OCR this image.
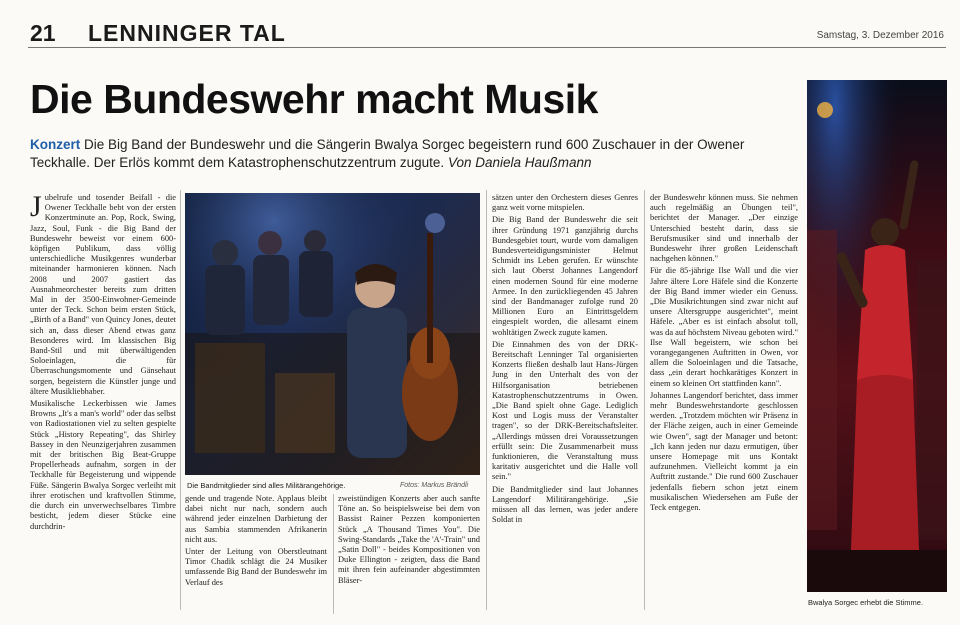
21 LENNINGER TAL	Samstag, 3. Dezember 2016
Die Bundeswehr macht Musik
Konzert Die Big Band der Bundeswehr und die Sängerin Bwalya Sorgec begeistern rund 600 Zuschauer in der Owener Teckhalle. Der Erlös kommt dem Katastrophenschutzzentrum zugute. Von Daniela Haußmann

Jubelrufe und tosender Beifall - die Owener Teckhalle bebt von der ersten Konzertminute an. Pop, Rock, Swing, Jazz, Soul, Funk - die Big Band der Bundeswehr beweist vor einem 600-köpfigen Publikum, dass völlig unterschiedliche Musikgenres wunderbar miteinander harmonieren können. Nach 2008 und 2007 gastiert das Ausnahmeorchester bereits zum dritten Mal in der 3500-Einwohner-Gemeinde unter der Teck. Schon beim ersten Stück, „Birth of a Band" von Quincy Jones, deutet sich an, dass dieser Abend etwas ganz Besonderes wird. Im klassischen Big Band-Stil und mit überwältigenden Soloeinlagen, die für Überraschungsmomente und Gänsehaut sorgen, begeistern die Künstler junge und ältere Musikliebhaber.

Musikalische Leckerbissen wie James Browns „It's a man's world" oder das selbst von Radiostationen viel zu selten gespielte Stück „History Repeating", das Shirley Bassey in den Neunzigerjahren zusammen mit der britischen Big Beat-Gruppe Propellerheads aufnahm, sorgen in der Teckhalle für Begeisterung und wippende Füße. Sängerin Bwalya Sorgec verleiht mit ihrer erotischen und kraftvollen Stimme, die durch ein unverwechselbares Timbre besticht, jedem dieser Stücke eine durchdrin-

Die Bandmitglieder sind alles Militärangehörige.	Fotos: Markus Brändli

gende und tragende Note. Applaus bleibt dabei nicht nur nach, sondern auch während jeder einzelnen Darbietung der aus Sambia stammenden Afrikanerin nicht aus.

Unter der Leitung von Oberstleutnant Timor Chadik schlägt die 24 Musiker umfassende Big Band der Bundeswehr im Verlauf des

zweistündigen Konzerts aber auch sanfte Töne an. So beispielsweise bei dem von Bassist Rainer Pezzen komponierten Stück „A Thousand Times You". Die Swing-Standards „Take the 'A'-Train" und „Satin Doll" - beides Kompositionen von Duke Ellington - zeigten, dass die Band mit ihren fein aufeinander abgestimmten Bläser-

sätzen unter den Orchestern dieses Genres ganz weit vorne mitspielen.

Die Big Band der Bundeswehr die seit ihrer Gründung 1971 ganzjährig durchs Bundesgebiet tourt, wurde vom damaligen Bundesverteidigungsminister Helmut Schmidt ins Leben gerufen. Er wünschte sich laut Oberst Johannes Langendorf einen modernen Sound für eine moderne Armee. In den zurückliegenden 45 Jahren sind der Bandmanager zufolge rund 20 Millionen Euro an Eintrittsgeldern eingespielt worden, die allesamt einem wohltätigen Zweck zugute kamen.

Die Einnahmen des von der DRK-Bereitschaft Lenninger Tal organisierten Konzerts fließen deshalb laut Hans-Jürgen Jung in den Unterhalt des von der Hilfsorganisation betriebenen Katastrophenschutzzentrums in Owen. „Die Band spielt ohne Gage. Lediglich Kost und Logis muss der Veranstalter tragen", so der DRK-Bereitschaftsleiter. „Allerdings müssen drei Voraussetzungen erfüllt sein: Die Zusammenarbeit muss funktionieren, die Veranstaltung muss karitativ ausgerichtet und die Halle voll sein."

Die Bandmitglieder sind laut Johannes Langendorf Militärangehörige. „Sie müssen all das lernen, was jeder andere Soldat in

der Bundeswehr können muss. Sie nehmen auch regelmäßig an Übungen teil", berichtet der Manager. „Der einzige Unterschied besteht darin, dass sie Berufsmusiker sind und innerhalb der Bundeswehr ihrer großen Leidenschaft nachgehen können."

Für die 85-jährige Ilse Wall und die vier Jahre ältere Lore Häfele sind die Konzerte der Big Band immer wieder ein Genuss. „Die Musikrichtungen sind zwar nicht auf unsere Altersgruppe ausgerichtet", meint Häfele. „Aber es ist einfach absolut toll, was da auf höchstem Niveau geboten wird." Ilse Wall begeistern, wie schon bei vorangegangenen Auftritten in Owen, vor allem die Soloeinlagen und die Tatsache, dass „ein derart hochkarätiges Konzert in einem so kleinen Ort stattfinden kann".

Johannes Langendorf berichtet, dass immer mehr Bundeswehrstandorte geschlossen werden. „Trotzdem möchten wir Präsenz in der Fläche zeigen, auch in einer Gemeinde wie Owen", sagt der Manager und betont: „Ich kann jeden nur dazu ermutigen, über unsere Homepage mit uns Kontakt aufzunehmen. Vielleicht kommt ja ein Auftritt zustande." Die rund 600 Zuschauer jedenfalls fiebern schon jetzt einem musikalischen Wiedersehen am Fuße der Teck entgegen.

Bwalya Sorgec erhebt die Stimme.
